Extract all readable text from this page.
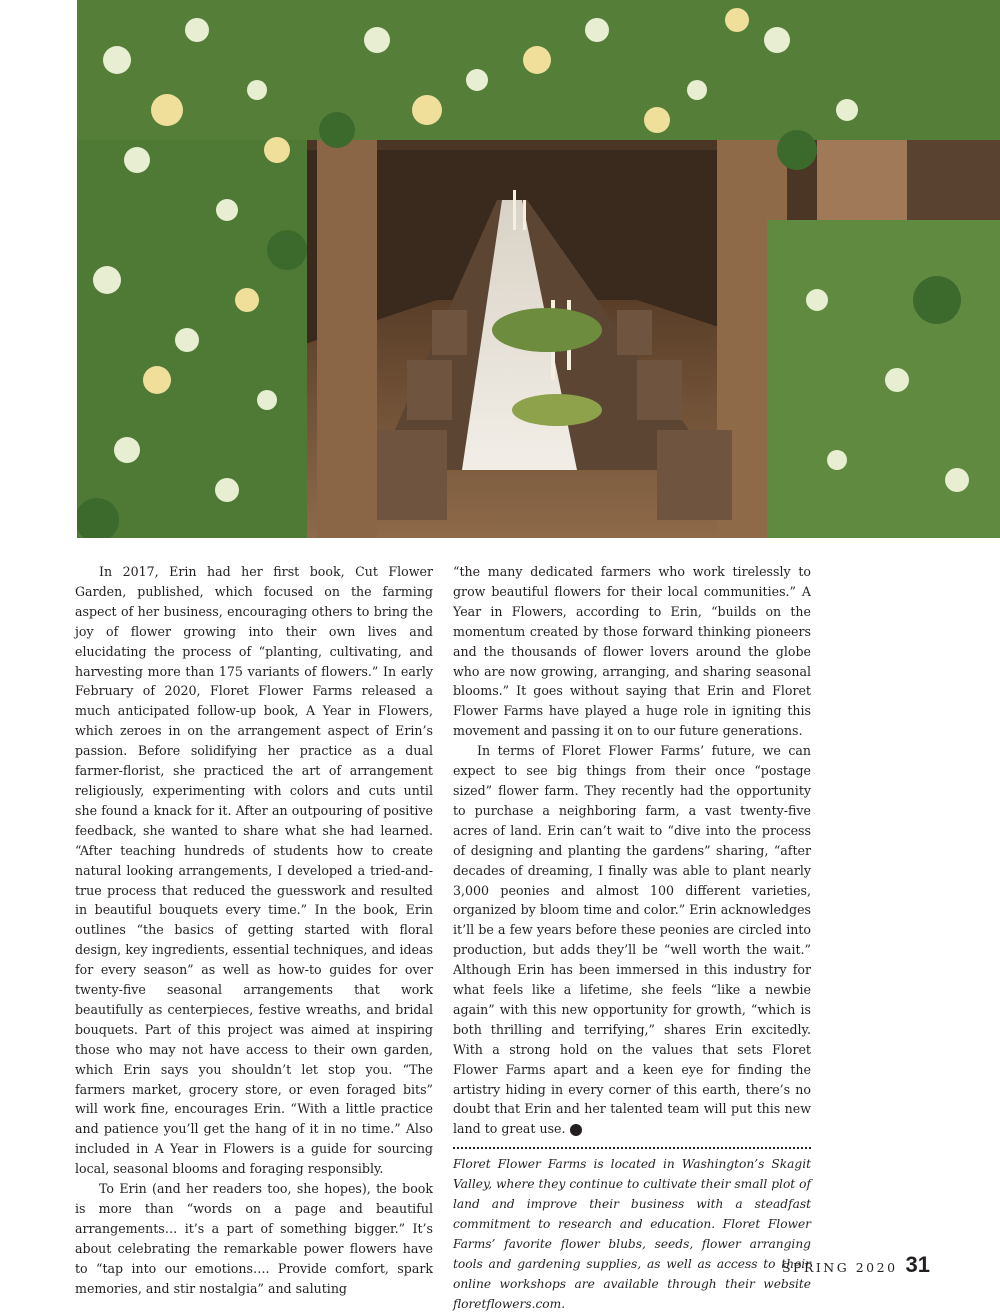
In 2017, Erin had her first book, Cut Flower Garden, published, which focused on the farming aspect of her business, encouraging others to bring the joy of flower growing into their own lives and elucidating the process of “planting, cultivating, and harvesting more than 175 variants of flowers.” In early February of 2020, Floret Flower Farms released a much anticipated follow-up book, A Year in Flowers, which zeroes in on the arrangement aspect of Erin’s passion. Before solidifying her practice as a dual farmer-florist, she practiced the art of arrangement religiously, experimenting with colors and cuts until she found a knack for it. After an outpouring of positive feedback, she wanted to share what she had learned. “After teaching hundreds of students how to create natural looking arrangements, I developed a tried-and-true process that reduced the guesswork and resulted in beautiful bouquets every time.” In the book, Erin outlines “the basics of getting started with floral design, key ingredients, essential techniques, and ideas for every season” as well as how-to guides for over twenty-five seasonal arrangements that work beautifully as centerpieces, festive wreaths, and bridal bouquets. Part of this project was aimed at inspiring those who may not have access to their own garden, which Erin says you shouldn’t let stop you. “The farmers market, grocery store, or even foraged bits” will work fine, encourages Erin. “With a little practice and patience you’ll get the hang of it in no time.” Also included in A Year in Flowers is a guide for sourcing local, seasonal blooms and foraging responsibly.

To Erin (and her readers too, she hopes), the book is more than “words on a page and beautiful arrangements… it’s a part of something bigger.” It’s about celebrating the remarkable power flowers have to “tap into our emotions…. Provide comfort, spark memories, and stir nostalgia” and saluting

“the many dedicated farmers who work tirelessly to grow beautiful flowers for their local communities.” A Year in Flowers, according to Erin, “builds on the momentum created by those forward thinking pioneers and the thousands of flower lovers around the globe who are now growing, arranging, and sharing seasonal blooms.” It goes without saying that Erin and Floret Flower Farms have played a huge role in igniting this movement and passing it on to our future generations.

In terms of Floret Flower Farms’ future, we can expect to see big things from their once “postage sized” flower farm. They recently had the opportunity to purchase a neighboring farm, a vast twenty-five acres of land. Erin can’t wait to “dive into the process of designing and planting the gardens” sharing, “after decades of dreaming, I finally was able to plant nearly 3,000 peonies and almost 100 different varieties, organized by bloom time and color.” Erin acknowledges it’ll be a few years before these peonies are circled into production, but adds they’ll be “well worth the wait.” Although Erin has been immersed in this industry for what feels like a lifetime, she feels “like a newbie again” with this new opportunity for growth, “which is both thrilling and terrifying,” shares Erin excitedly. With a strong hold on the values that sets Floret Flower Farms apart and a keen eye for finding the artistry hiding in every corner of this earth, there’s no doubt that Erin and her talented team will put this new land to great use.	AH

Floret Flower Farms is located in Washington’s Skagit Valley, where they continue to cultivate their small plot of land and improve their business with a steadfast commitment to research and education. Floret Flower Farms’ favorite flower blubs, seeds, flower arranging tools and gardening supplies, as well as access to their online workshops are available through their website floretflowers.com.
SPRING 2020 31
